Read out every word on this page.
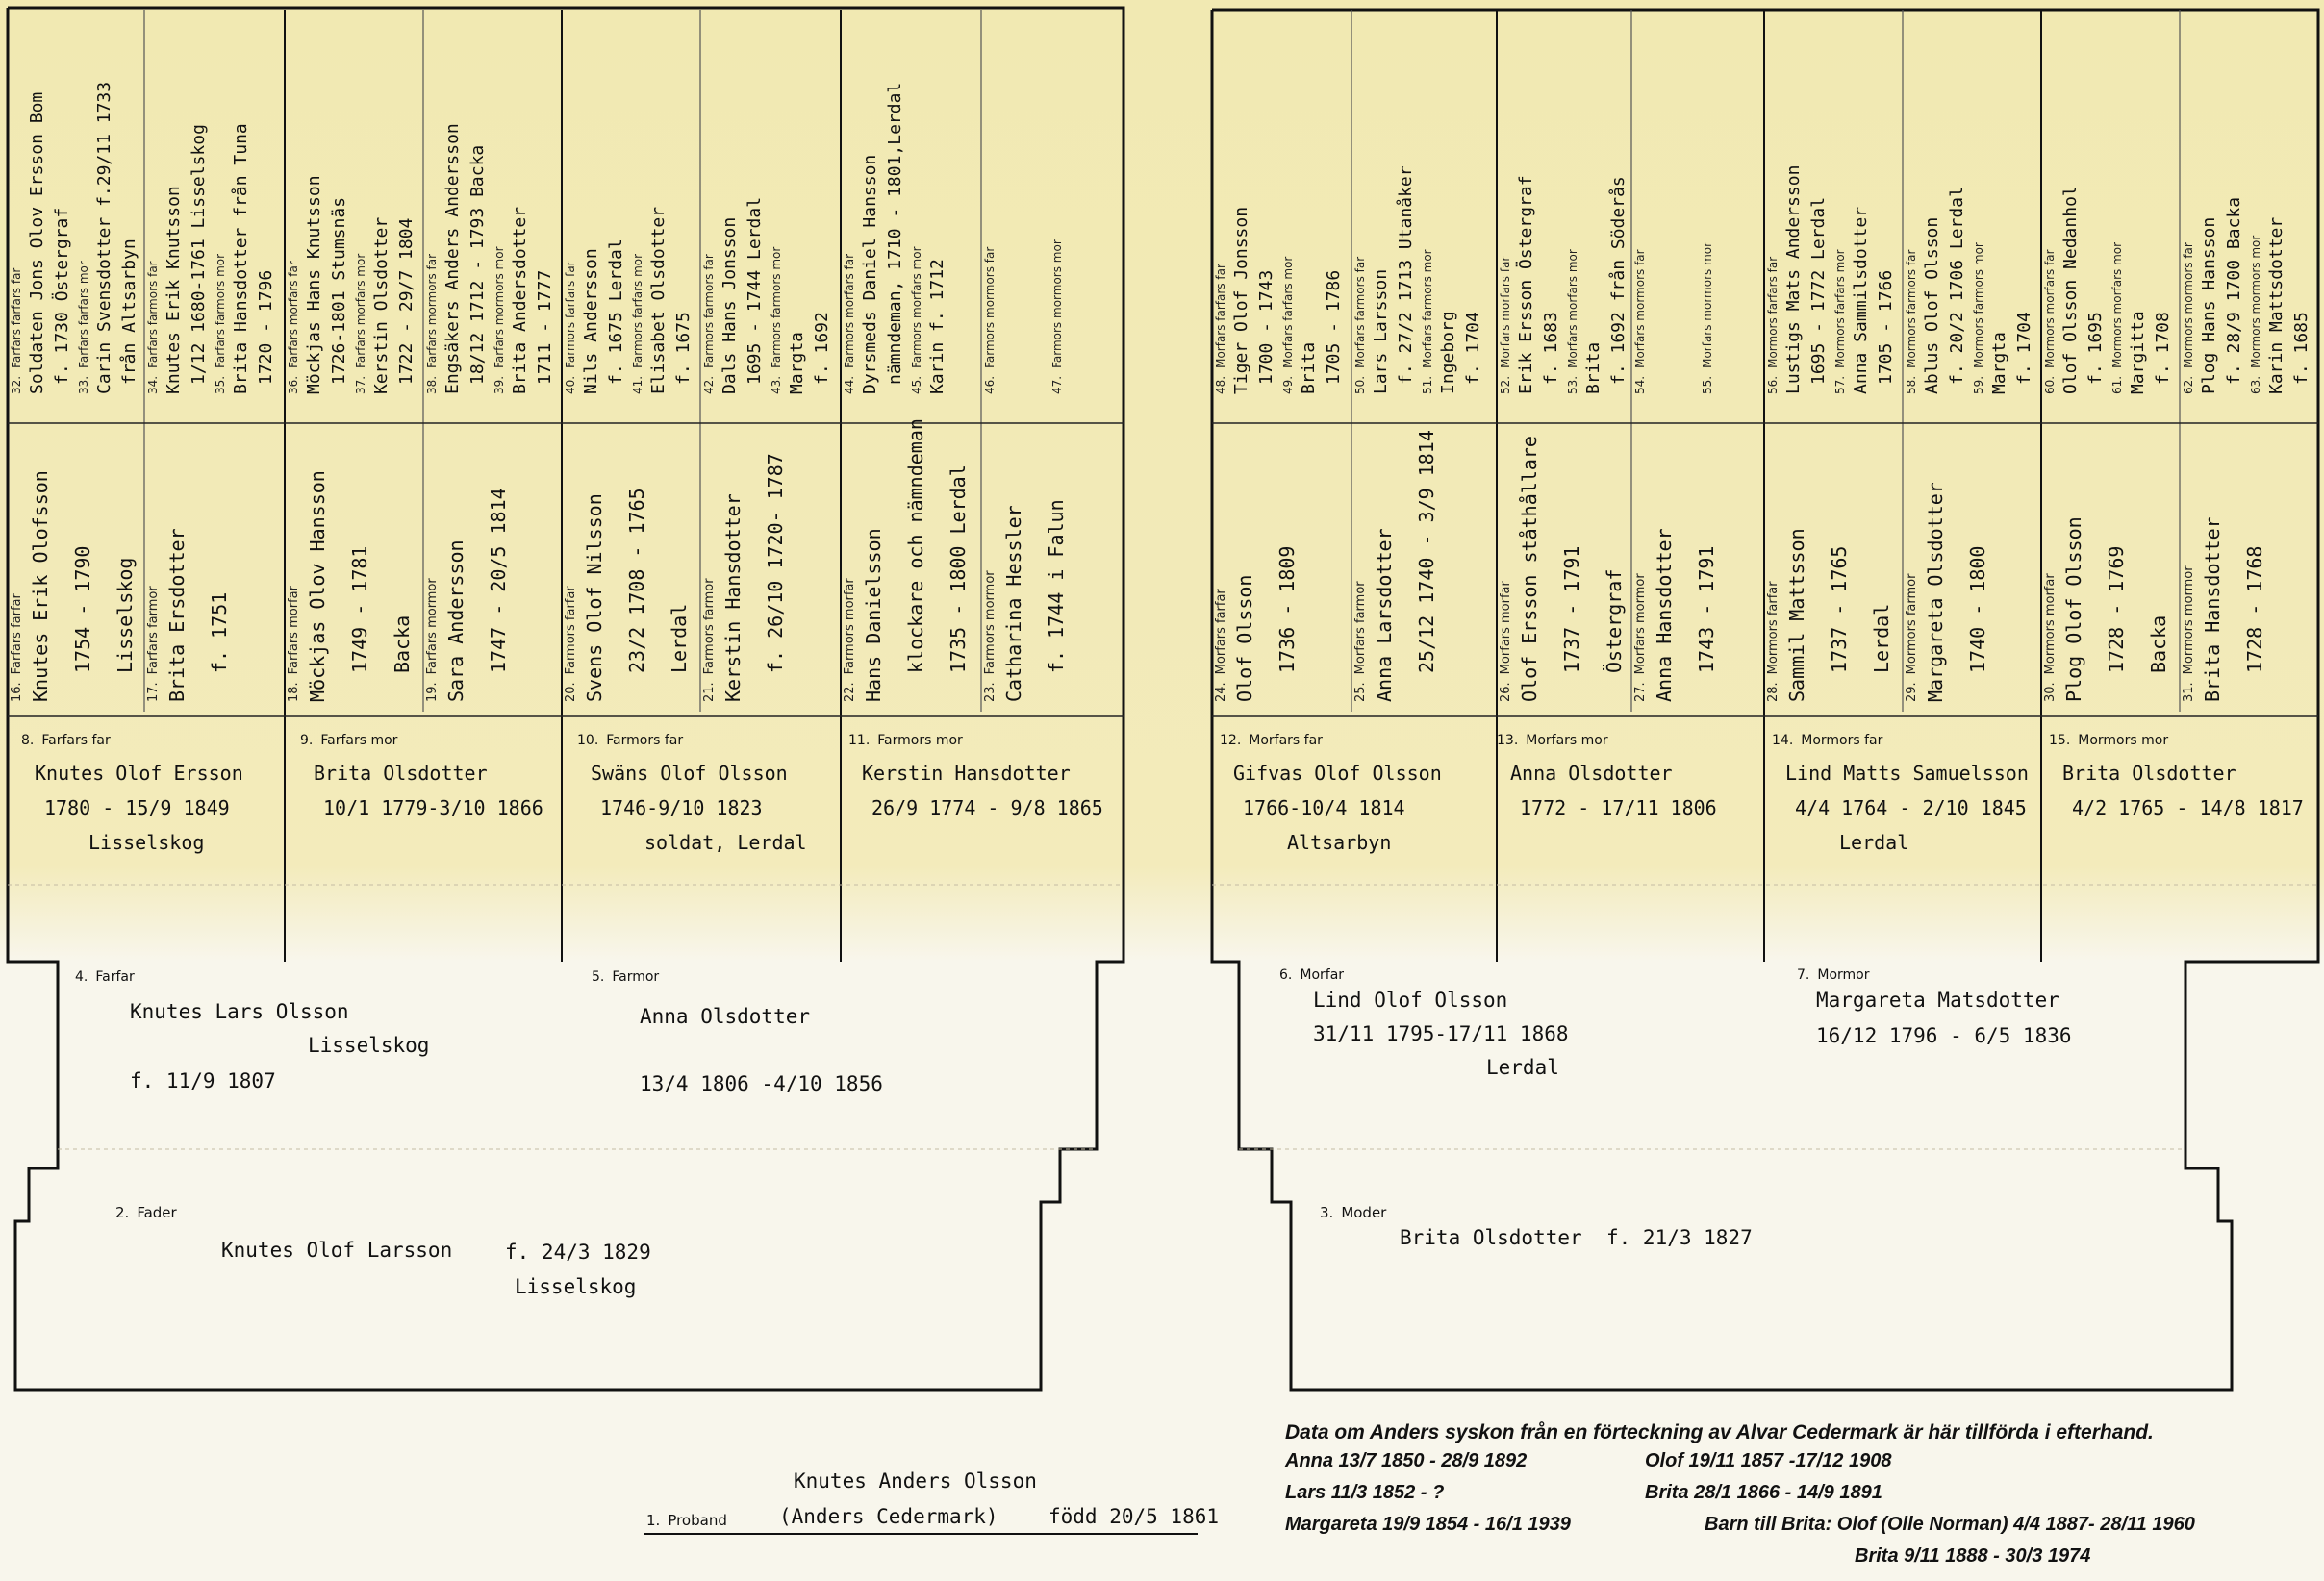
1. Proband
Knutes Anders Olsson
(Anders Cedermark) född 20/5 1861
2. Fader
Knutes Olof Larsson	f. 24/3 1829
Lisselskog
3. Moder
Brita Olsdotter f. 21/3 1827
4. Farfar
Knutes Lars Olsson
Lisselskog
f. 11/9 1807
5. Farmor
Anna Olsdotter
13/4 1806 -4/10 1856
6. Morfar
Lind Olof Olsson
Lerdal
31/11 1795-17/11 1868
7. Mormor
Margareta Matsdotter
16/12 1796 - 6/5 1836
8. Farfars far
Knutes Olof Ersson
1780 - 15/9 1849
Lisselskog
9. Farfars mor
Brita Olsdotter
10/1 1779-3/10 1866
10. Farmors far
Swäns Olof Olsson
1746-9/10 1823
soldat, Lerdal
11. Farmors mor
Kerstin Hansdotter
26/9 1774 - 9/8 1865
12. Morfars far
Gifvas Olof Olsson
1766-10/4 1814
Altsarbyn
13. Morfars mor
Anna Olsdotter
1772 - 17/11 1806
14. Mormors far
Lind Matts Samuelsson
4/4 1764 - 2/10 1845
Lerdal
15. Mormors mor
Brita Olsdotter
4/2 1765 - 14/8 1817
16.Farfars farfar Knutes Erik Olofsson 1754 - 1790 Lisselskog
17.Farfars farmor Brita Ersdotter f. 1751
18.Farfars morfar Möckjas Olov Hansson 1749 - 1781 Backa
19.Farfars mormor Sara Andersson 1747 - 20/5 1814
20.Farmors farfar Svens Olof Nilsson 23/2 1708 - 1765 Lerdal
21.Farmors farmor Kerstin Hansdotter f. 26/10 1720- 1787
22.Farmors morfar Hans Danielsson klockare och nämndeman 1735 - 1800 Lerdal
23.Farmors mormor Catharina Hessler f. 1744 i Falun
24.Morfars farfar Olof Olsson 1736 - 1809
25.Morfars farmor Anna Larsdotter 25/12 1740 - 3/9 1814
26.Morfars morfar Olof Ersson ståthållare 1737 - 1791 Östergraf
27.Morfars mormor Anna Hansdotter 1743 - 1791
28.Mormors farfar Sammil Mattsson 1737 - 1765 Lerdal
29.Mormors farmor Margareta Olsdotter 1740 - 1800
30.Mormors morfar Plog Olof Olsson 1728 - 1769 Backa
31.Mormors mormor Brita Hansdotter 1728 - 1768
32.Farfars farfars far Soldaten Jons Olov Ersson Bom f. 1730 Östergraf
33.Farfars farfars mor Carin Svensdotter f.29/11 1733 från Altsarbyn
34.Farfars farmors far Knutes Erik Knutsson 1/12 1680-1761 Lisselskog
35.Farfars farmors mor Brita Hansdotter från Tuna 1720 - 1796
36.Farfars morfars far Möckjas Hans Knutsson 1726-1801 Stumsnäs
37.Farfars morfars mor Kerstin Olsdotter 1722 - 29/7 1804
38.Farfars mormors far Engsäkers Anders Andersson 18/12 1712 - 1793 Backa
39.Farfars mormors mor Brita Andersdotter 1711 - 1777
40.Farmors farfars far Nils Andersson f. 1675 Lerdal
41.Farmors farfars mor Elisabet Olsdotter f. 1675
42.Farmors farmors far Dals Hans Jonsson 1695 - 1744 Lerdal
43.Farmors farmors mor Margta f. 1692
44.Farmors morfars far Dyrsmeds Daniel Hansson nämndeman, 1710 - 1801,Lerdal
45.Farmors morfars mor Karin f. 1712	46.Farmors mormors far
47.Farmors mormors mor
48.Morfars farfars far Tiger Olof Jonsson 1700 - 1743
49.Morfars farfars mor Brita 1705 - 1786
50.Morfars farmors far Lars Larsson f. 27/2 1713 Utanåker
51.Morfars farmors mor Ingeborg f. 1704
52.Morfars morfars far Erik Ersson Östergraf f. 1683
53.Morfars morfars mor Brita f. 1692 från Söderås
54.Morfars mormors far
55.Morfars mormors mor
56.Mormors farfars far Lustigs Mats Andersson 1695 - 1772 Lerdal
57.Mormors farfars mor Anna Sammilsdotter 1705 - 1766
58.Mormors farmors far Ablus Olof Olsson f. 20/2 1706 Lerdal
59.Mormors farmors mor Margta f. 1704
60.Mormors morfars far Olof Olsson Nedanhol f. 1695
61.Mormors morfars mor Margitta f. 1708
62.Mormors mormors far Plog Hans Hansson f. 28/9 1700 Backa
63.Mormors mormors mor Karin Mattsdotter f. 1685
Data om Anders syskon från en förteckning av Alvar Cedermark är här tillförda i efterhand.
Anna 13/7 1850 - 28/9 1892
Lars 11/3 1852 - ?
Margareta 19/9 1854 - 16/1 1939
Olof 19/11 1857 -17/12 1908
Brita 28/1 1866 - 14/9 1891
Barn till Brita: Olof (Olle Norman) 4/4 1887- 28/11 1960
Brita 9/11 1888 - 30/3 1974
